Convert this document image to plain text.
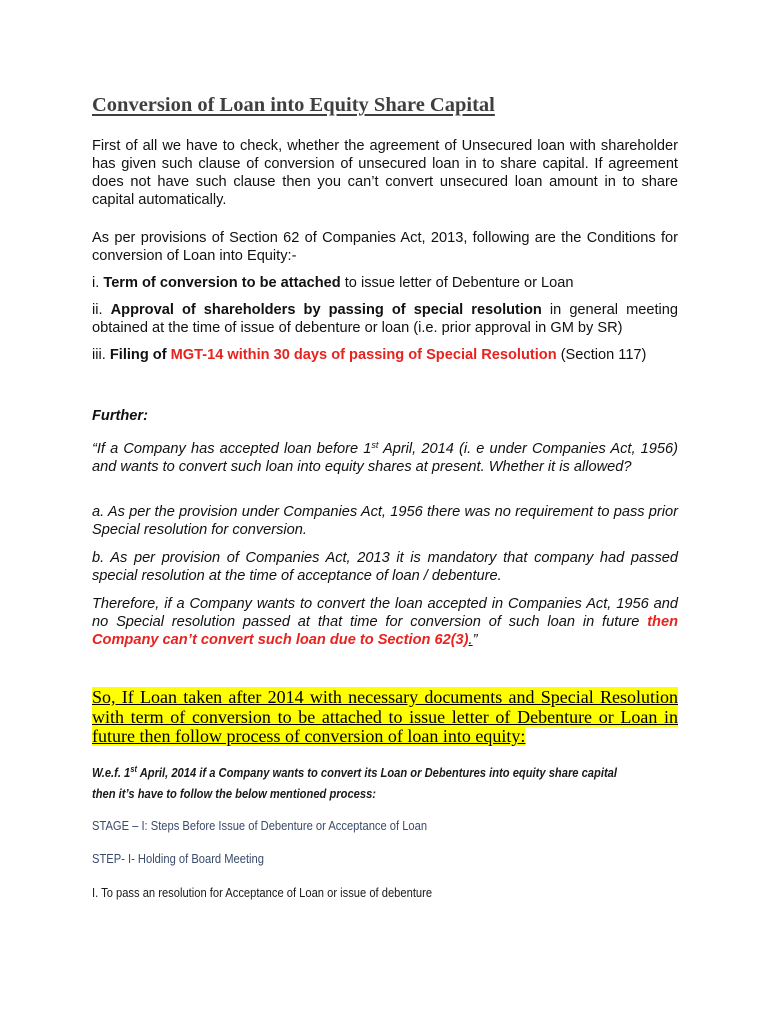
Conversion of Loan into Equity Share Capital

First of all we have to check, whether the agreement of Unsecured loan with shareholder has given such clause of conversion of unsecured loan in to share capital. If agreement does not have such clause then you can’t convert unsecured loan amount in to share capital automatically.

As per provisions of Section 62 of Companies Act, 2013, following are the Conditions for conversion of Loan into Equity:-

i. Term of conversion to be attached to issue letter of Debenture or Loan

ii. Approval of shareholders by passing of special resolution in general meeting obtained at the time of issue of debenture or loan (i.e. prior approval in GM by SR)

iii. Filing of MGT-14 within 30 days of passing of Special Resolution (Section 117)

Further:

“If a Company has accepted loan before 1st April, 2014 (i. e under Companies Act, 1956) and wants to convert such loan into equity shares at present. Whether it is allowed?

a. As per the provision under Companies Act, 1956 there was no requirement to pass prior Special resolution for conversion.

b. As per provision of Companies Act, 2013 it is mandatory that company had passed special resolution at the time of acceptance of loan / debenture.

Therefore, if a Company wants to convert the loan accepted in Companies Act, 1956 and no Special resolution passed at that time for conversion of such loan in future then Company can’t convert such loan due to Section 62(3).”

So, If Loan taken after 2014 with necessary documents and Special Resolution with term of conversion to be attached to issue letter of Debenture or Loan in future then follow process of conversion of loan into equity:

W.e.f. 1st April, 2014 if a Company wants to convert its Loan or Debentures into equity share capital
then it’s have to follow the below mentioned process:

STAGE – I: Steps Before Issue of Debenture or Acceptance of Loan

STEP- I- Holding of Board Meeting

I. To pass an resolution for Acceptance of Loan or issue of debenture
